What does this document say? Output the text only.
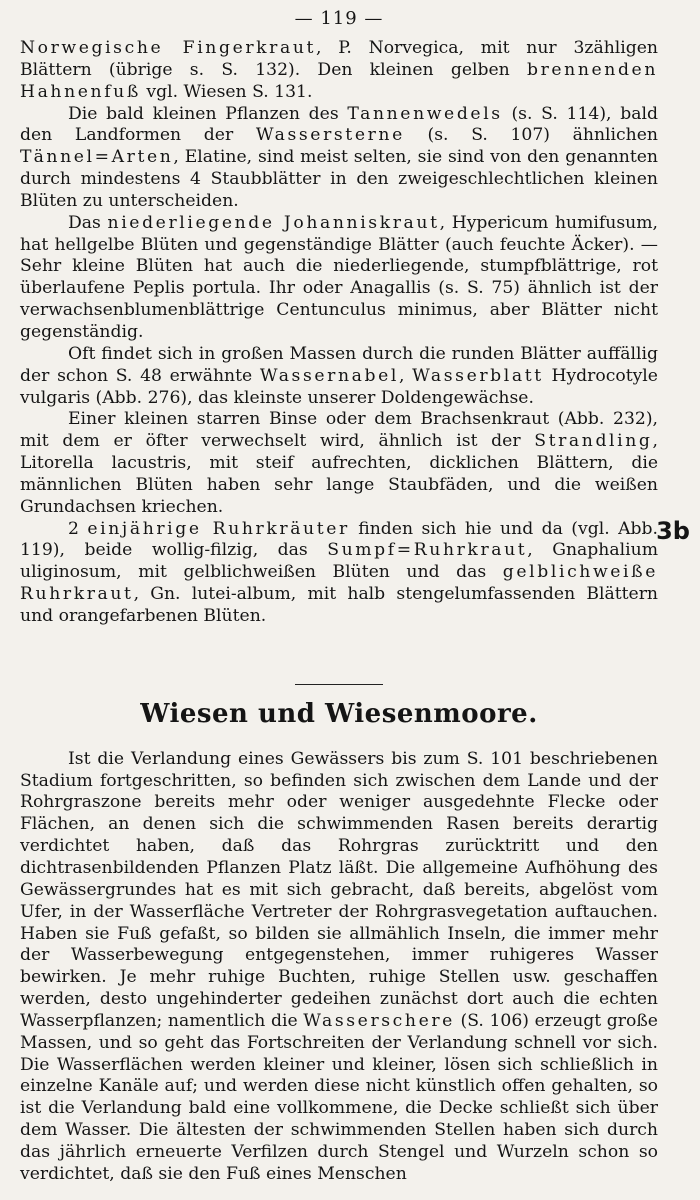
— 119 —

Norwegische Fingerkraut, P. Norvegica, mit nur 3zähligen Blättern (übrige s. S. 132). Den kleinen gelben brennenden Hahnenfuß vgl. Wiesen S. 131.

Die bald kleinen Pflanzen des Tannenwedels (s. S. 114), bald den Landformen der Wassersterne (s. S. 107) ähnlichen Tännel=Arten, Elatine, sind meist selten, sie sind von den genannten durch mindestens 4 Staubblätter in den zweigeschlechtlichen kleinen Blüten zu unterscheiden.

Das niederliegende Johanniskraut, Hypericum humifusum, hat hellgelbe Blüten und gegenständige Blätter (auch feuchte Äcker). — Sehr kleine Blüten hat auch die niederliegende, stumpfblättrige, rot überlaufene Peplis portula. Ihr oder Anagallis (s. S. 75) ähnlich ist der verwachsenblumenblättrige Centunculus minimus, aber Blätter nicht gegenständig.

Oft findet sich in großen Massen durch die runden Blätter auffällig der schon S. 48 erwähnte Wassernabel, Wasserblatt Hydrocotyle vulgaris (Abb. 276), das kleinste unserer Doldengewächse.

Einer kleinen starren Binse oder dem Brachsenkraut (Abb. 232), mit dem er öfter verwechselt wird, ähnlich ist der Strandling, Litorella lacustris, mit steif aufrechten, dicklichen Blättern, die männlichen Blüten haben sehr lange Staubfäden, und die weißen Grundachsen kriechen.

2 einjährige Ruhrkräuter finden sich hie und da (vgl. Abb. 119), beide wollig-filzig, das Sumpf=Ruhrkraut, Gnaphalium uliginosum, mit gelblichweißen Blüten und das gelblichweiße Ruhrkraut, Gn. lutei-album, mit halb stengelumfassenden Blättern und orangefarbenen Blüten.

3b
Wiesen und Wiesenmoore.

Ist die Verlandung eines Gewässers bis zum S. 101 beschriebenen Stadium fortgeschritten, so befinden sich zwischen dem Lande und der Rohrgraszone bereits mehr oder weniger ausgedehnte Flecke oder Flächen, an denen sich die schwimmenden Rasen bereits derartig verdichtet haben, daß das Rohrgras zurücktritt und den dichtrasenbildenden Pflanzen Platz läßt. Die allgemeine Aufhöhung des Gewässergrundes hat es mit sich gebracht, daß bereits, abgelöst vom Ufer, in der Wasserfläche Vertreter der Rohrgrasvegetation auftauchen. Haben sie Fuß gefaßt, so bilden sie allmählich Inseln, die immer mehr der Wasserbewegung entgegenstehen, immer ruhigeres Wasser bewirken. Je mehr ruhige Buchten, ruhige Stellen usw. geschaffen werden, desto ungehinderter gedeihen zunächst dort auch die echten Wasserpflanzen; namentlich die Wasserschere (S. 106) erzeugt große Massen, und so geht das Fortschreiten der Verlandung schnell vor sich. Die Wasserflächen werden kleiner und kleiner, lösen sich schließlich in einzelne Kanäle auf; und werden diese nicht künstlich offen gehalten, so ist die Verlandung bald eine vollkommene, die Decke schließt sich über dem Wasser. Die ältesten der schwimmenden Stellen haben sich durch das jährlich erneuerte Verfilzen durch Stengel und Wurzeln schon so verdichtet, daß sie den Fuß eines Menschen
